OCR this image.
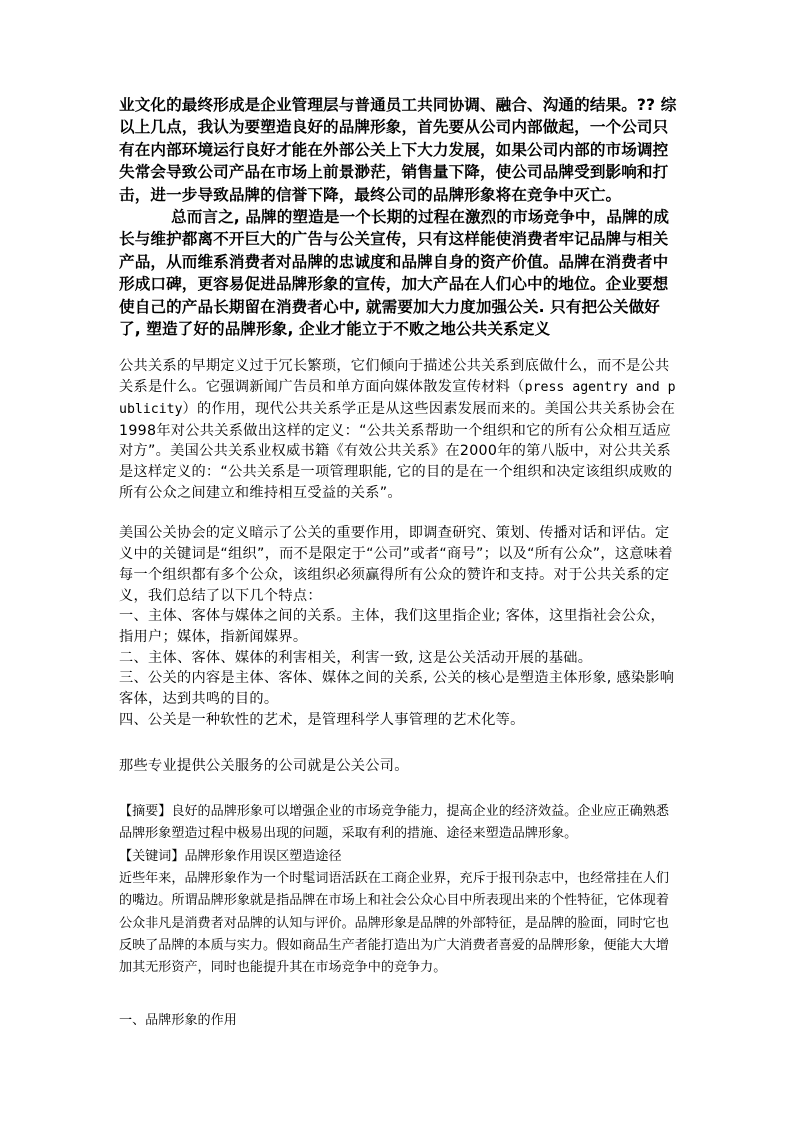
业文化的最终形成是企业管理层与普通员工共同协调、融合、沟通的结果。?? 综以上几点，我认为要塑造良好的品牌形象，首先要从公司内部做起，一个公司只有在内部环境运行良好才能在外部公关上下大力发展，如果公司内部的市场调控失常会导致公司产品在市场上前景渺茫，销售量下降，使公司品牌受到影响和打击，进一步导致品牌的信誉下降，最终公司的品牌形象将在竞争中灭亡。

总而言之, 品牌的塑造是一个长期的过程在激烈的市场竞争中，品牌的成长与维护都离不开巨大的广告与公关宣传，只有这样能使消费者牢记品牌与相关产品，从而维系消费者对品牌的忠诚度和品牌自身的资产价值。品牌在消费者中形成口碑，更容易促进品牌形象的宣传，加大产品在人们心中的地位。企业要想使自己的产品长期留在消费者心中, 就需要加大力度加强公关. 只有把公关做好了, 塑造了好的品牌形象, 企业才能立于不败之地公共关系定义

公共关系的早期定义过于冗长繁琐，它们倾向于描述公共关系到底做什么，而不是公共关系是什么。它强调新闻广告员和单方面向媒体散发宣传材料（press agentry and publicity）的作用，现代公共关系学正是从这些因素发展而来的。美国公共关系协会在1998年对公共关系做出这样的定义：“公共关系帮助一个组织和它的所有公众相互适应对方”。美国公共关系业权威书籍《有效公共关系》在2000年的第八版中，对公共关系是这样定义的：“公共关系是一项管理职能, 它的目的是在一个组织和决定该组织成败的所有公众之间建立和维持相互受益的关系”。

美国公关协会的定义暗示了公关的重要作用，即调查研究、策划、传播对话和评估。定义中的关键词是“组织”，而不是限定于“公司”或者“商号”；以及“所有公众”，这意味着每一个组织都有多个公众，该组织必须赢得所有公众的赞许和支持。对于公共关系的定义，我们总结了以下几个特点：

一、主体、客体与媒体之间的关系。主体，我们这里指企业; 客体，这里指社会公众，指用户；媒体，指新闻媒界。

二、主体、客体、媒体的利害相关，利害一致, 这是公关活动开展的基础。

三、公关的内容是主体、客体、媒体之间的关系, 公关的核心是塑造主体形象, 感染影响客体，达到共鸣的目的。

四、公关是一种软性的艺术，是管理科学人事管理的艺术化等。

那些专业提供公关服务的公司就是公关公司。

【摘要】良好的品牌形象可以增强企业的市场竞争能力，提高企业的经济效益。企业应正确熟悉品牌形象塑造过程中极易出现的问题，采取有利的措施、途径来塑造品牌形象。

【关键词】品牌形象作用误区塑造途径

近些年来，品牌形象作为一个时髦词语活跃在工商企业界，充斥于报刊杂志中，也经常挂在人们的嘴边。所谓品牌形象就是指品牌在市场上和社会公众心目中所表现出来的个性特征，它体现着公众非凡是消费者对品牌的认知与评价。品牌形象是品牌的外部特征，是品牌的脸面，同时它也反映了品牌的本质与实力。假如商品生产者能打造出为广大消费者喜爱的品牌形象，便能大大增加其无形资产，同时也能提升其在市场竞争中的竞争力。

一、品牌形象的作用
